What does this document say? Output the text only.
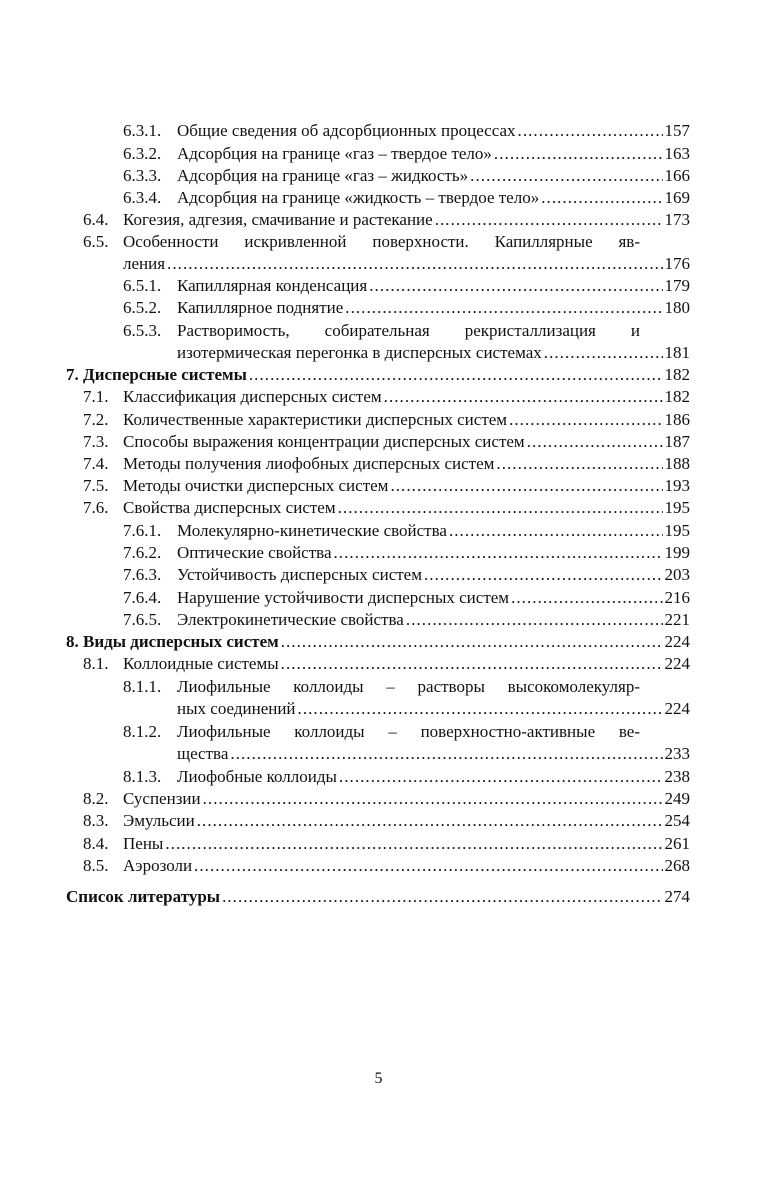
6.3.1. Общие сведения об адсорбционных процессах . . .	157
6.3.2. Адсорбция на границе «газ – твердое тело» . . .	163
6.3.3. Адсорбция на границе «газ – жидкость» . . .	166
6.3.4. Адсорбция на границе «жидкость – твердое тело» . . .	169
6.4. Когезия, адгезия, смачивание и растекание . . .	173
6.5. Особенности искривленной поверхности. Капиллярные яв-
ления . . .	176
6.5.1. Капиллярная конденсация . . .	179
6.5.2. Капиллярное поднятие . . .	180
6.5.3. Растворимость, собирательная рекристаллизация и
изотермическая перегонка в дисперсных системах . . .	181
7. Дисперсные системы . . .	182
7.1. Классификация дисперсных систем . . .	182
7.2. Количественные характеристики дисперсных систем . . .	186
7.3. Способы выражения концентрации дисперсных систем . . .	187
7.4. Методы получения лиофобных дисперсных систем . . .	188
7.5. Методы очистки дисперсных систем . . .	193
7.6. Свойства дисперсных систем . . .	195
7.6.1. Молекулярно-кинетические свойства . . .	195
7.6.2. Оптические свойства . . .	199
7.6.3. Устойчивость дисперсных систем . . .	203
7.6.4. Нарушение устойчивости дисперсных систем . . .	216
7.6.5. Электрокинетические свойства . . .	221
8. Виды дисперсных систем . . .	224
8.1. Коллоидные системы . . .	224
8.1.1. Лиофильные коллоиды – растворы высокомолекуляр-
ных соединений . . .	224
8.1.2. Лиофильные коллоиды – поверхностно-активные ве-
щества . . .	233
8.1.3. Лиофобные коллоиды . . .	238
8.2. Суспензии . . .	249
8.3. Эмульсии . . .	254
8.4. Пены . . .	261
8.5. Аэрозоли . . .	268
Список литературы . . .	274
5
